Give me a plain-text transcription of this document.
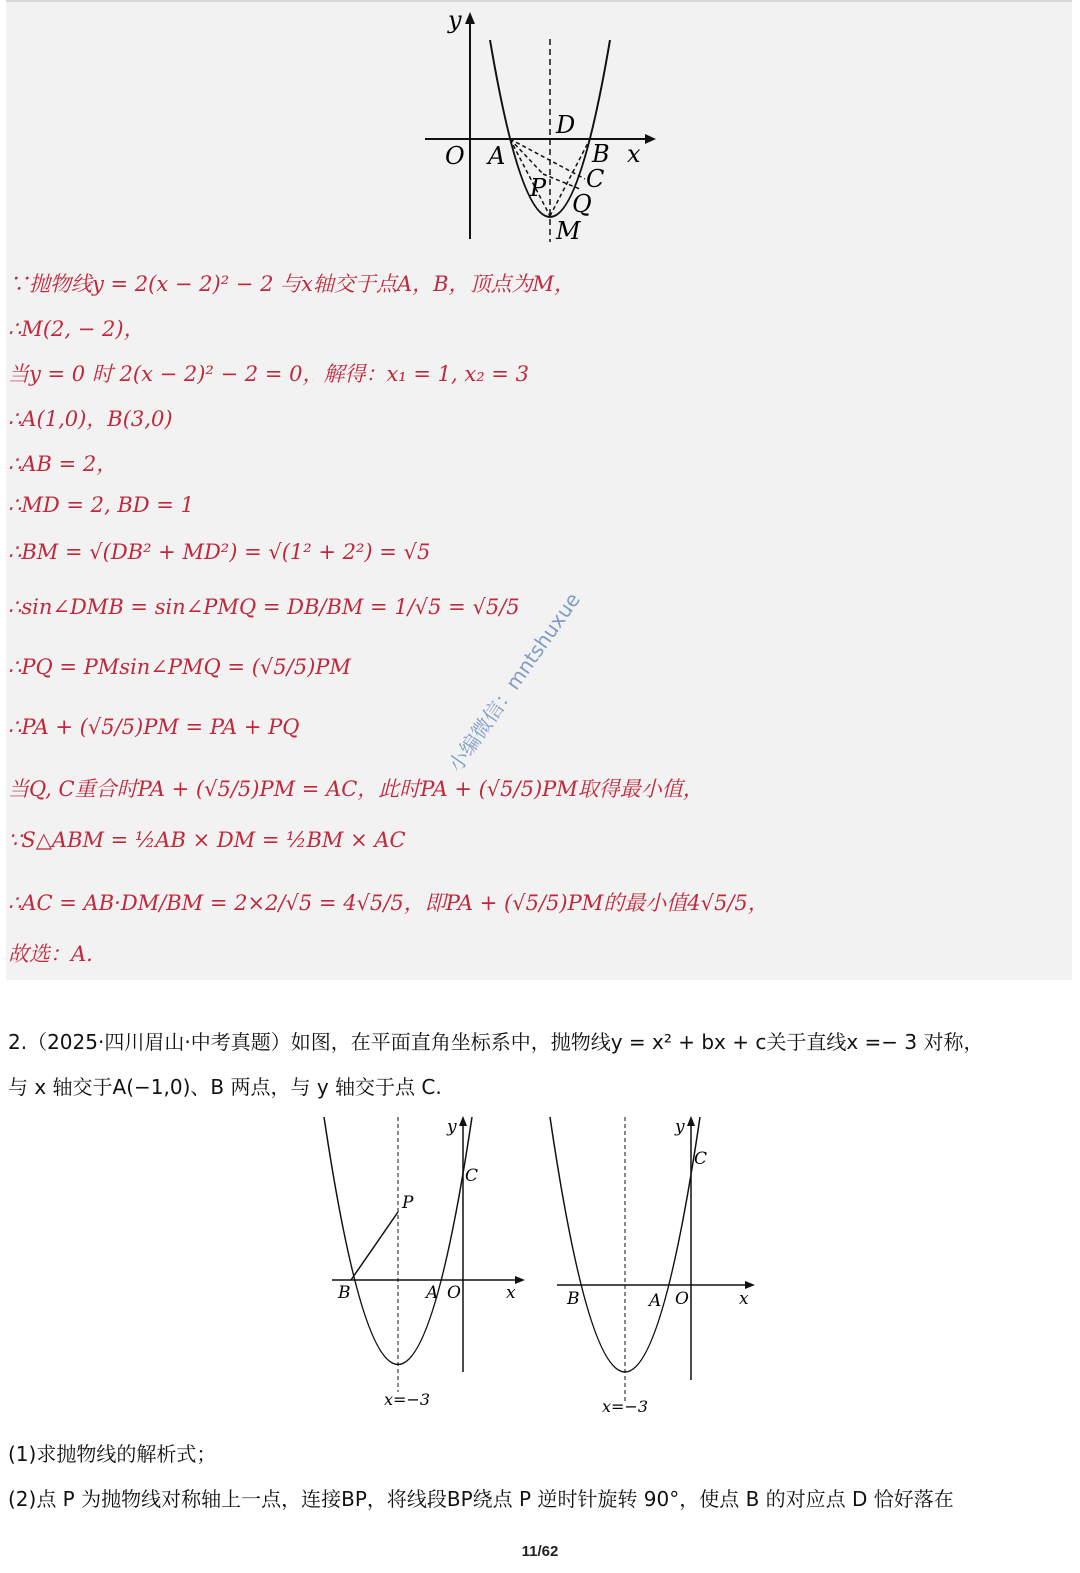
y
x
O A
D
B
C
P
Q
M
∵抛物线y = 2(x − 2)² − 2 与x轴交于点A，B，顶点为M，
∴M(2, − 2)，
当y = 0 时 2(x − 2)² − 2 = 0，解得：x₁ = 1, x₂ = 3
∴A(1,0)，B(3,0)
∴AB = 2，
∴MD = 2, BD = 1
∴BM = √(DB² + MD²) = √(1² + 2²) = √5
∴sin∠DMB = sin∠PMQ = DB/BM = 1/√5 = √5/5
∴PQ = PMsin∠PMQ = (√5/5)PM
∴PA + (√5/5)PM = PA + PQ
当Q, C重合时PA + (√5/5)PM = AC，此时PA + (√5/5)PM取得最小值，
∵S△ABM = ½AB × DM = ½BM × AC
∴AC = AB·DM/BM = 2×2/√5 = 4√5/5，即PA + (√5/5)PM的最小值4√5/5，
故选：A.
小编微信：mntshuxue
2.（2025·四川眉山·中考真题）如图，在平面直角坐标系中，抛物线y = x² + bx + c关于直线x =− 3 对称，
与 x 轴交于A(−1,0)、B 两点，与 y 轴交于点 C.
y
x
B	A O
C
P
x=−3
y
x
B	A O
C
x=−3
(1)求抛物线的解析式；
(2)点 P 为抛物线对称轴上一点，连接BP，将线段BP绕点 P 逆时针旋转 90°，使点 B 的对应点 D 恰好落在
11/62
